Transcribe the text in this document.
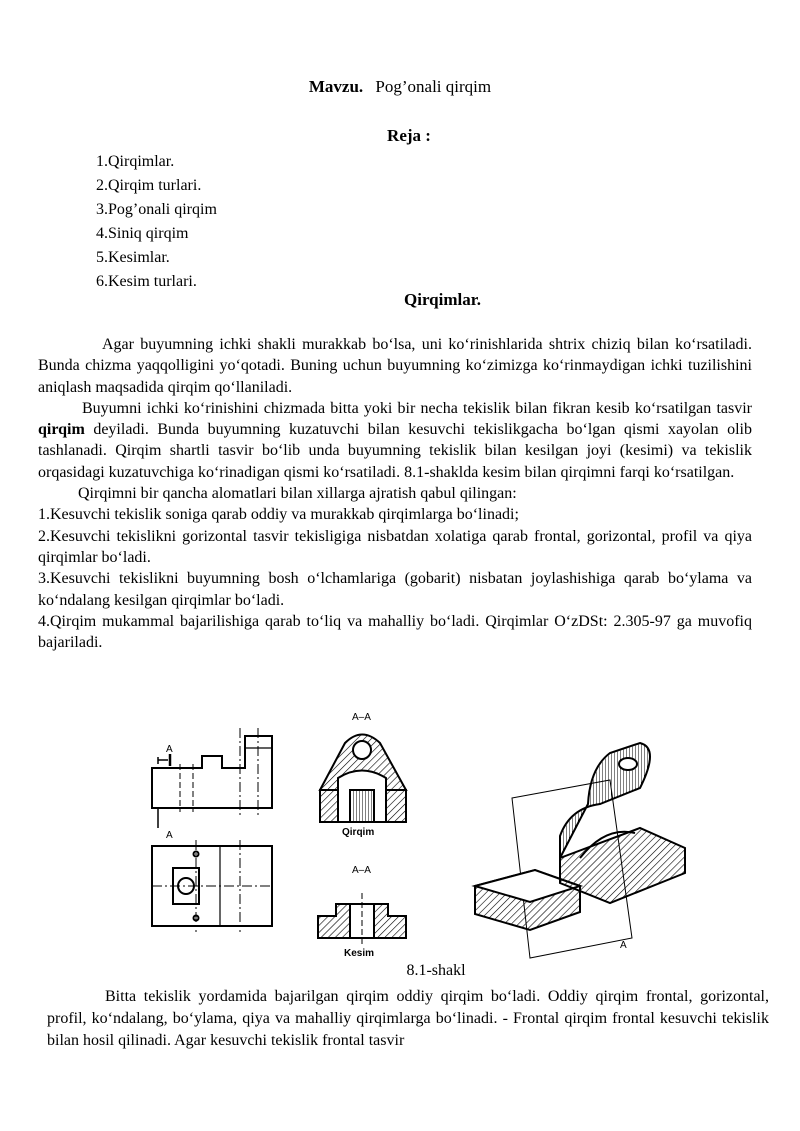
Mavzu. Pog’onali qirqim
Reja :
1.Qirqimlar.
2.Qirqim turlari.
3.Pog’onali qirqim
4.Siniq qirqim
5.Kesimlar.
6.Kesim turlari.
Qirqimlar.

Agar buyumning ichki shakli murakkab bo‘lsa, uni ko‘rinishlarida shtrix chiziq bilan ko‘rsatiladi. Bunda chizma yaqqolligini yo‘qotadi. Buning uchun buyumning ko‘zimizga ko‘rinmaydigan ichki tuzilishini aniqlash maqsadida qirqim qo‘llaniladi.

Buyumni ichki ko‘rinishini chizmada bitta yoki bir necha tekislik bilan fikran kesib ko‘rsatilgan tasvir qirqim deyiladi. Bunda buyumning kuzatuvchi bilan kesuvchi tekislikgacha bo‘lgan qismi xayolan olib tashlanadi. Qirqim shartli tasvir bo‘lib unda buyumning tekislik bilan kesilgan joyi (kesimi) va tekislik orqasidagi kuzatuvchiga ko‘rinadigan qismi ko‘rsatiladi. 8.1-shaklda kesim bilan qirqimni farqi ko‘rsatilgan.

Qirqimni bir qancha alomatlari bilan xillarga ajratish qabul qilingan:

1.Kesuvchi tekislik soniga qarab oddiy va murakkab qirqimlarga bo‘linadi;

2.Kesuvchi tekislikni gorizontal tasvir tekisligiga nisbatdan xolatiga qarab frontal, gorizontal, profil va qiya qirqimlar bo‘ladi.

3.Kesuvchi tekislikni buyumning bosh o‘lchamlariga (gobarit) nisbatan joylashishiga qarab bo‘ylama va ko‘ndalang kesilgan qirqimlar bo‘ladi.

4.Qirqim mukammal bajarilishiga qarab to‘liq va mahalliy bo‘ladi. Qirqimlar O‘zDSt: 2.305-97 ga muvofiq bajariladi.

A
A
A–A
Qirqim
A–A
Kesim
A
8.1-shakl

Bitta tekislik yordamida bajarilgan qirqim oddiy qirqim bo‘ladi. Oddiy qirqim frontal, gorizontal, profil, ko‘ndalang, bo‘ylama, qiya va mahalliy qirqimlarga bo‘linadi. - Frontal qirqim frontal kesuvchi tekislik bilan hosil qilinadi. Agar kesuvchi tekislik frontal tasvir
